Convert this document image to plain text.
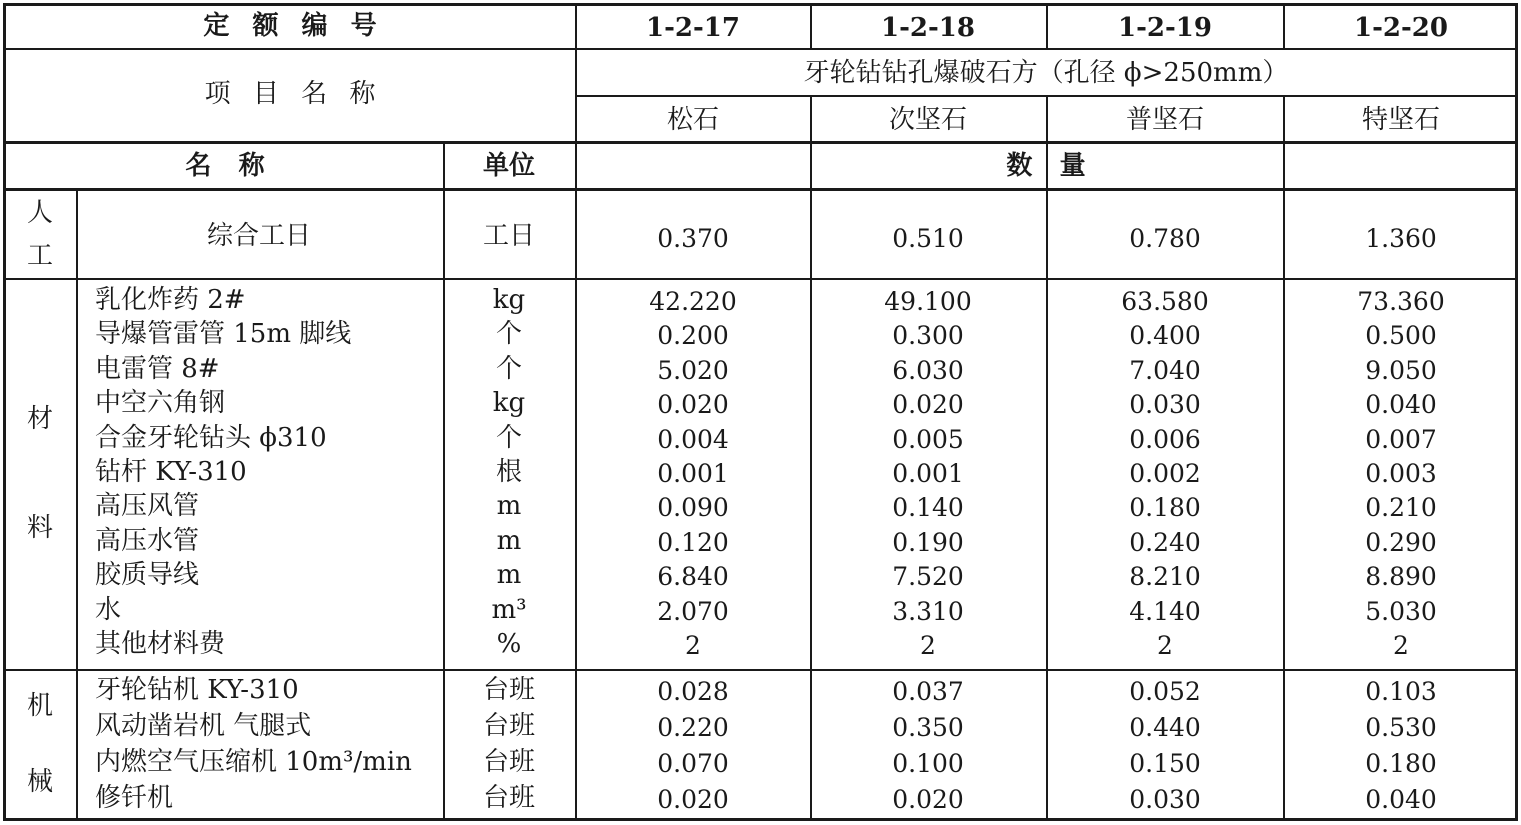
定 额 编 号	1-2-17	1-2-18	1-2-19	1-2-20
项 目 名 称
牙轮钻钻孔爆破石方（孔径 ϕ>250mm）
松石	次坚石	普坚石	特坚石
名   称	单位	数   量
人
工
材
料
机
械
综合工日	工日	0.370	0.510	0.780	1.360
乳化炸药 2#	kg	42.220	49.100	63.580	73.360
导爆管雷管 15m 脚线	个	0.200	0.300	0.400	0.500
电雷管 8#	个	5.020	6.030	7.040	9.050
中空六角钢	kg	0.020	0.020	0.030	0.040
合金牙轮钻头 ϕ310	个	0.004	0.005	0.006	0.007
钻杆 KY-310	根	0.001	0.001	0.002	0.003
高压风管	m	0.090	0.140	0.180	0.210
高压水管	m	0.120	0.190	0.240	0.290
胶质导线	m	6.840	7.520	8.210	8.890
水	m³	2.070	3.310	4.140	5.030
其他材料费	%	2	2	2	2
牙轮钻机 KY-310	台班	0.028	0.037	0.052	0.103
风动凿岩机 气腿式	台班	0.220	0.350	0.440	0.530
内燃空气压缩机 10m³/min	台班	0.070	0.100	0.150	0.180
修钎机	台班	0.020	0.020	0.030	0.040
